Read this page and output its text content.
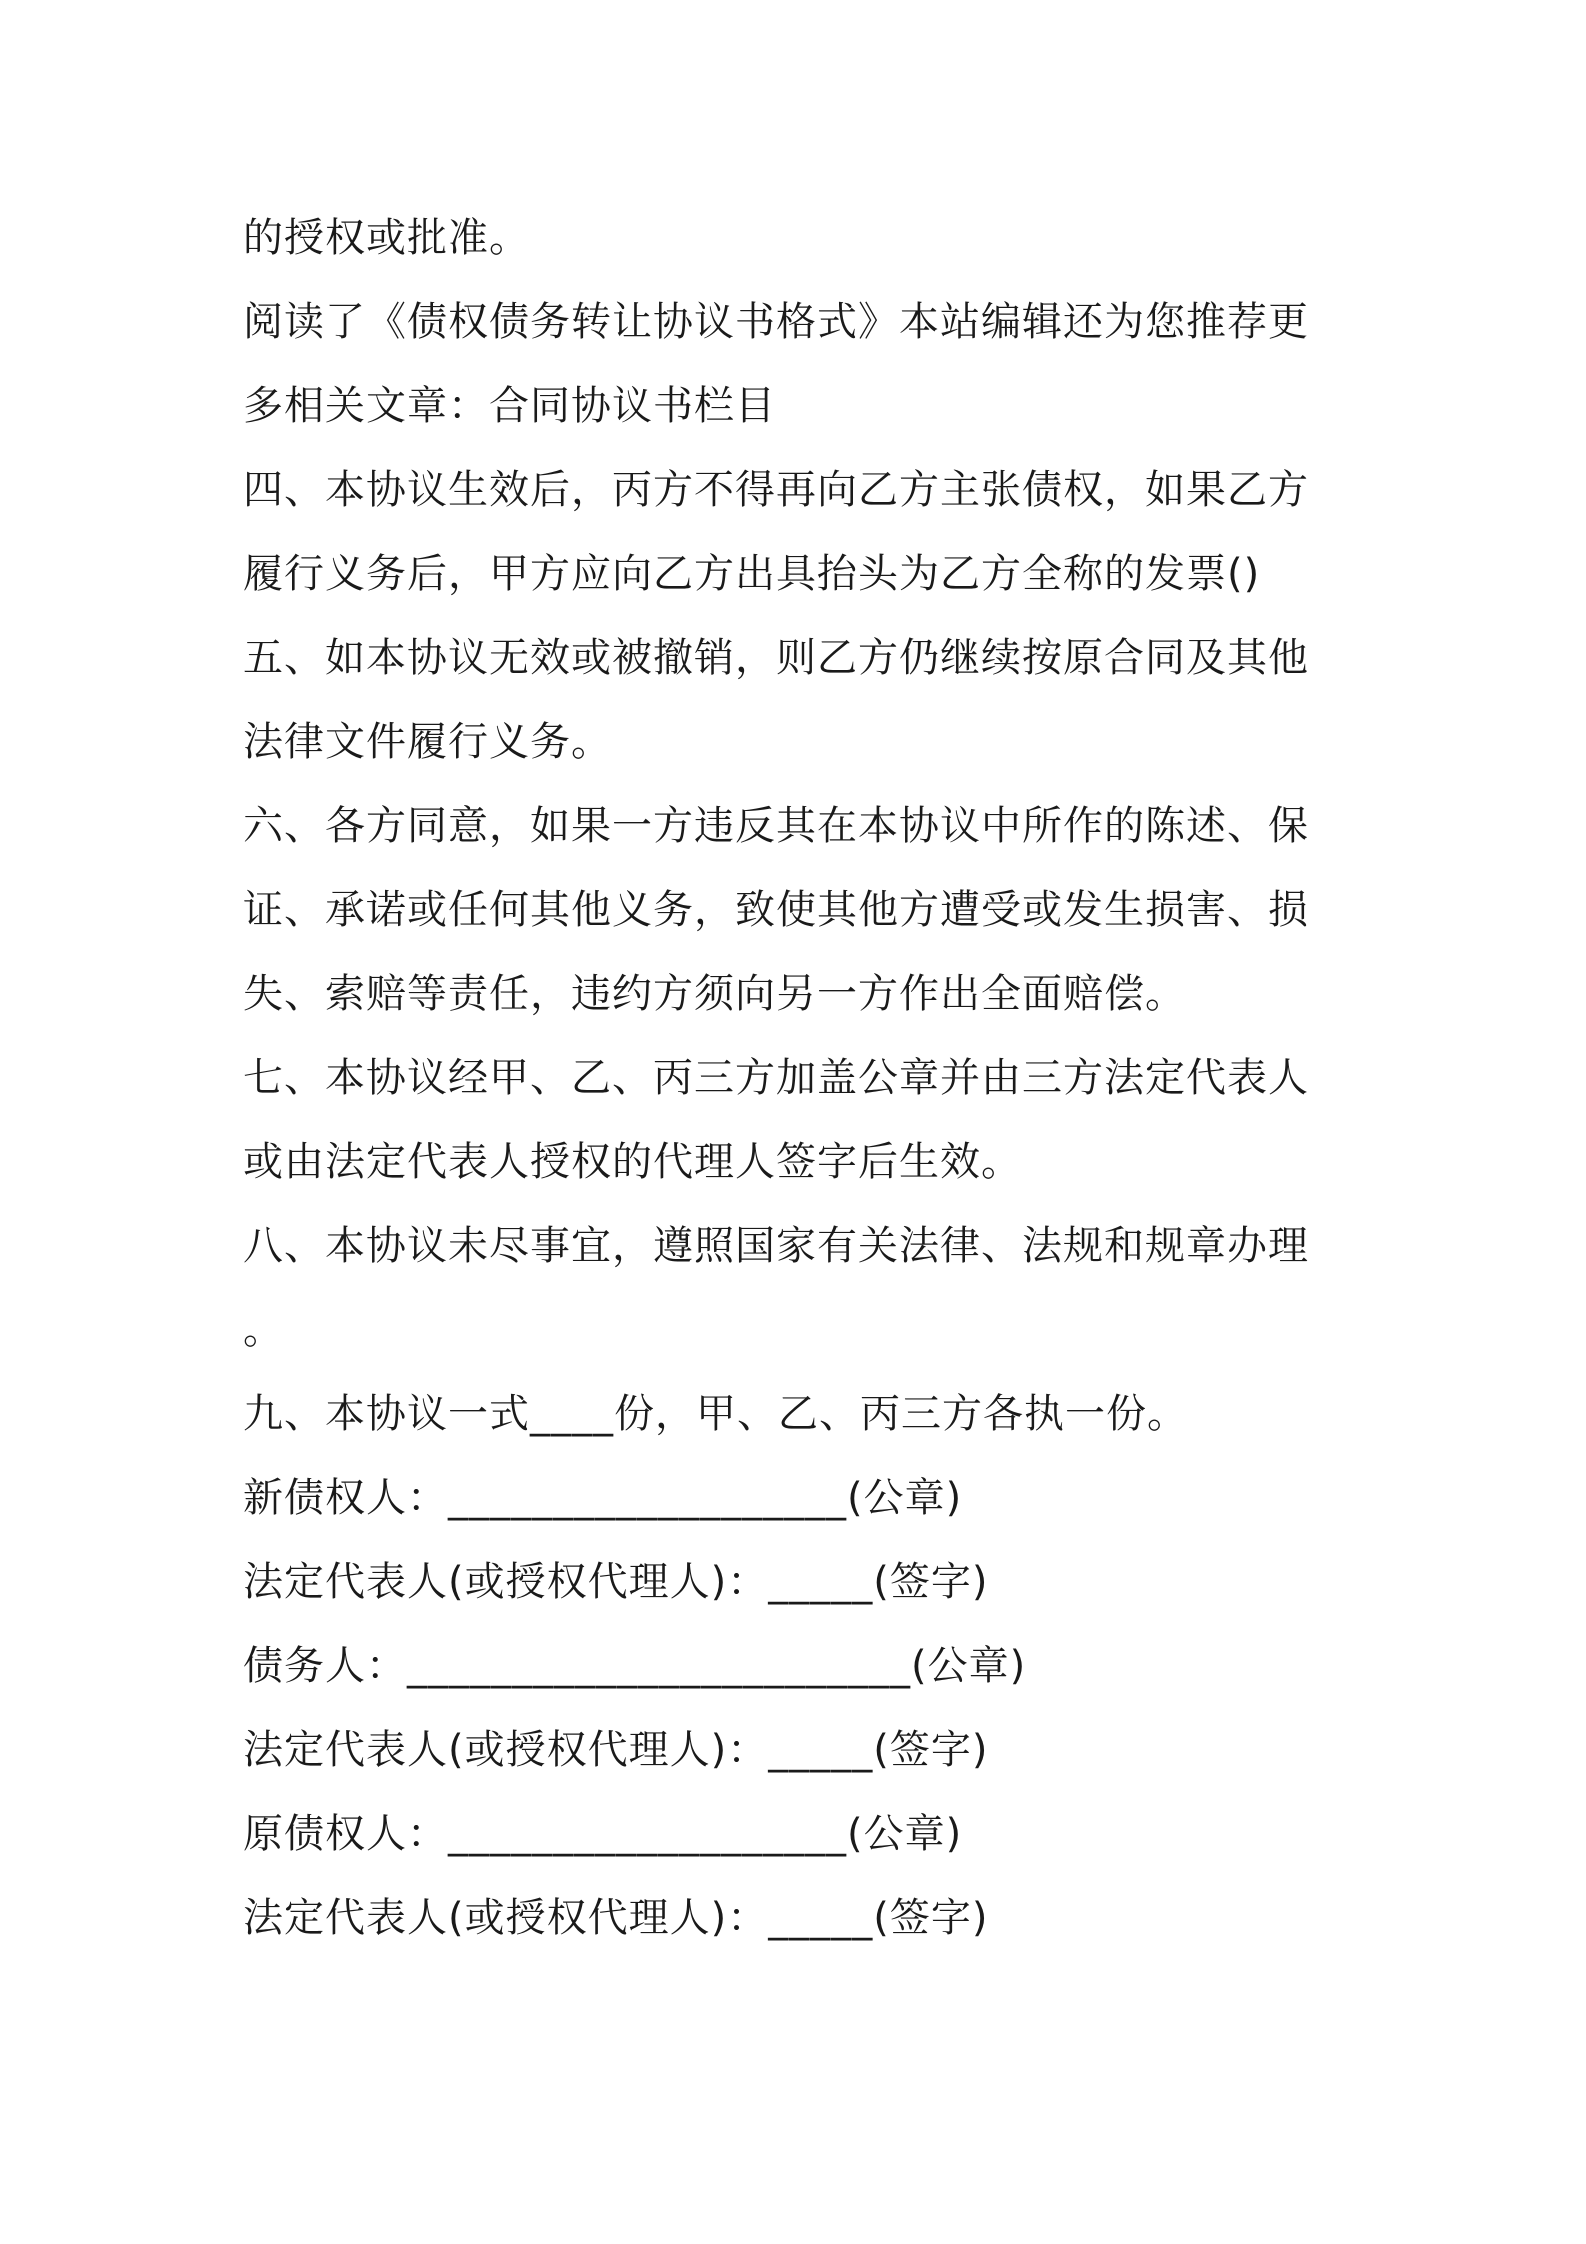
的授权或批准。
阅读了《债权债务转让协议书格式》本站编辑还为您推荐更
多相关文章：合同协议书栏目
四、本协议生效后，丙方不得再向乙方主张债权，如果乙方
履行义务后，甲方应向乙方出具抬头为乙方全称的发票()
五、如本协议无效或被撤销，则乙方仍继续按原合同及其他
法律文件履行义务。
六、各方同意，如果一方违反其在本协议中所作的陈述、保
证、承诺或任何其他义务，致使其他方遭受或发生损害、损
失、索赔等责任，违约方须向另一方作出全面赔偿。
七、本协议经甲、乙、丙三方加盖公章并由三方法定代表人
或由法定代表人授权的代理人签字后生效。
八、本协议未尽事宜，遵照国家有关法律、法规和规章办理
。
九、本协议一式____份，甲、乙、丙三方各执一份。
新债权人：___________________(公章)
法定代表人(或授权代理人)：_____(签字)
债务人：________________________(公章)
法定代表人(或授权代理人)：_____(签字)
原债权人：___________________(公章)
法定代表人(或授权代理人)：_____(签字)
